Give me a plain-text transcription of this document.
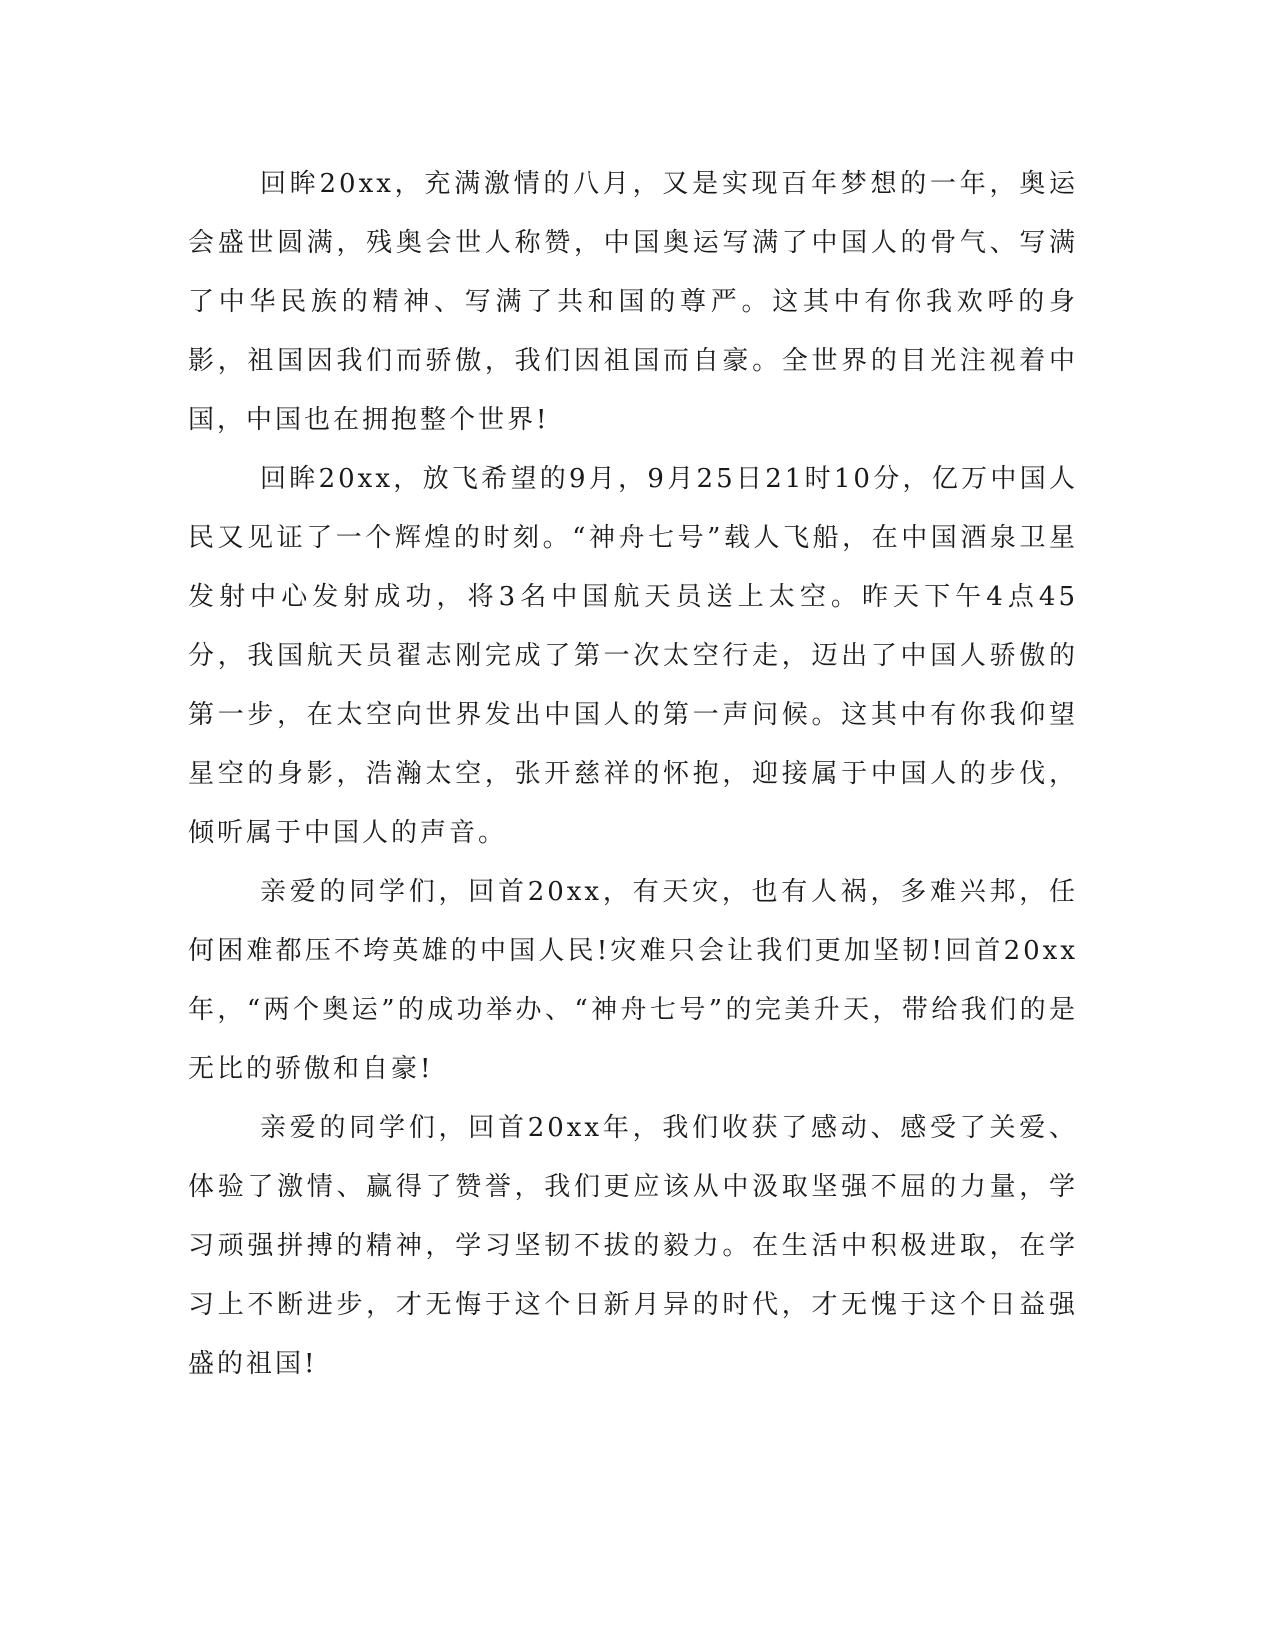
回眸20xx，充满激情的八月，又是实现百年梦想的一年，奥运会盛世圆满，残奥会世人称赞，中国奥运写满了中国人的骨气、写满了中华民族的精神、写满了共和国的尊严。这其中有你我欢呼的身影，祖国因我们而骄傲，我们因祖国而自豪。全世界的目光注视着中国，中国也在拥抱整个世界!

回眸20xx，放飞希望的9月，9月25日21时10分，亿万中国人民又见证了一个辉煌的时刻。“神舟七号”载人飞船，在中国酒泉卫星发射中心发射成功，将3名中国航天员送上太空。昨天下午4点45分，我国航天员翟志刚完成了第一次太空行走，迈出了中国人骄傲的第一步，在太空向世界发出中国人的第一声问候。这其中有你我仰望星空的身影，浩瀚太空，张开慈祥的怀抱，迎接属于中国人的步伐，倾听属于中国人的声音。

亲爱的同学们，回首20xx，有天灾，也有人祸，多难兴邦，任何困难都压不垮英雄的中国人民!灾难只会让我们更加坚韧!回首20xx年，“两个奥运”的成功举办、“神舟七号”的完美升天，带给我们的是无比的骄傲和自豪!

亲爱的同学们，回首20xx年，我们收获了感动、感受了关爱、体验了激情、赢得了赞誉，我们更应该从中汲取坚强不屈的力量，学习顽强拼搏的精神，学习坚韧不拔的毅力。在生活中积极进取，在学习上不断进步，才无悔于这个日新月异的时代，才无愧于这个日益强盛的祖国!
